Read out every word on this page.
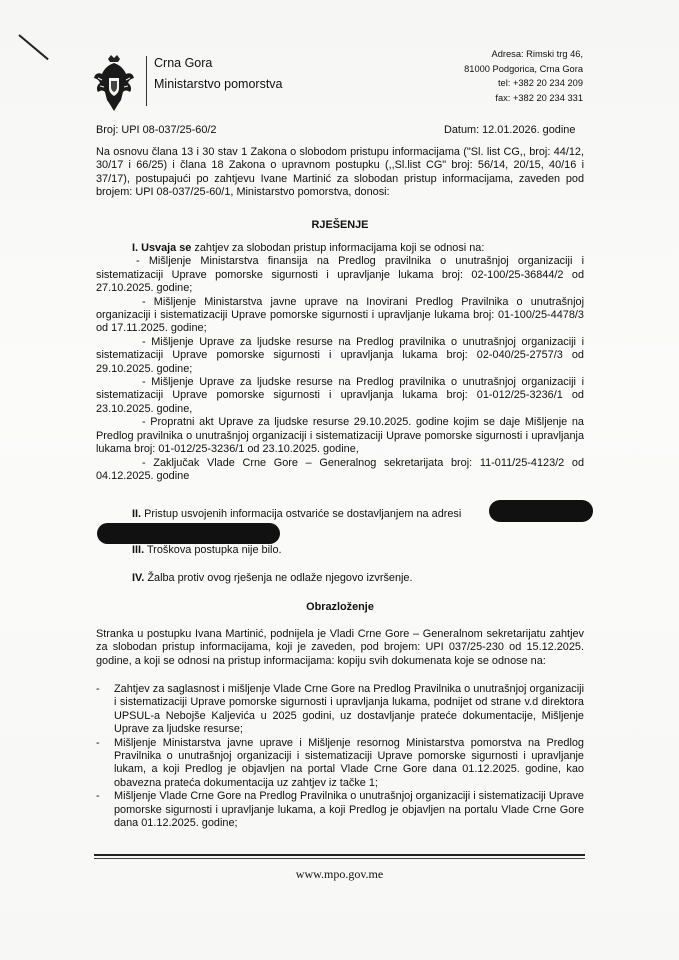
Crna Gora
Ministarstvo pomorstva
Adresa: Rimski trg 46,
81000 Podgorica, Crna Gora
tel: +382 20 234 209
fax: +382 20 234 331
Broj: UPI 08-037/25-60/2	Datum: 12.01.2026. godine

Na osnovu člana 13 i 30 stav 1 Zakona o slobodom pristupu informacijama ("Sl. list CG,, broj: 44/12, 30/17 i 66/25) i člana 18 Zakona o upravnom postupku (,,Sl.list CG" broj: 56/14, 20/15, 40/16 i 37/17), postupajući po zahtjevu Ivane Martinić za slobodan pristup informacijama, zaveden pod brojem: UPI 08-037/25-60/1, Ministarstvo pomorstva, donosi:

RJEŠENJE

I. Usvaja se zahtjev za slobodan pristup informacijama koji se odnosi na:

- Mišljenje Ministarstva finansija na Predlog pravilnika o unutrašnjoj organizaciji i sistematizaciji Uprave pomorske sigurnosti i upravljanje lukama broj: 02-100/25-36844/2 od 27.10.2025. godine;

- Mišljenje Ministarstva javne uprave na Inovirani Predlog Pravilnika o unutrašnjoj organizaciji i sistematizaciji Uprave pomorske sigurnosti i upravljanje lukama broj: 01-100/25-4478/3 od 17.11.2025. godine;

- Mišljenje Uprave za ljudske resurse na Predlog pravilnika o unutrašnjoj organizaciji i sistematizaciji Uprave pomorske sigurnosti i upravljanja lukama broj: 02-040/25-2757/3 od 29.10.2025. godine;

- Mišljenje Uprave za ljudske resurse na Predlog pravilnika o unutrašnjoj organizaciji i sistematizaciji Uprave pomorske sigurnosti i upravljanja lukama broj: 01-012/25-3236/1 od 23.10.2025. godine,

- Propratni akt Uprave za ljudske resurse 29.10.2025. godine kojim se daje Mišljenje na Predlog pravilnika o unutrašnjoj organizaciji i sistematizaciji Uprave pomorske sigurnosti i upravljanja lukama broj: 01-012/25-3236/1 od 23.10.2025. godine,

- Zaključak Vlade Crne Gore – Generalnog sekretarijata broj: 11-011/25-4123/2 od 04.12.2025. godine

II. Pristup usvojenih informacija ostvariće se dostavljanjem na adresi
III. Troškova postupka nije bilo.
IV. Žalba protiv ovog rješenja ne odlaže njegovo izvršenje.
Obrazloženje

Stranka u postupku Ivana Martinić, podnijela je Vladi Crne Gore – Generalnom sekretarijatu zahtjev za slobodan pristup informacijama, koji je zaveden, pod brojem: UPI 037/25-230 od 15.12.2025. godine, a koji se odnosi na pristup informacijama: kopiju svih dokumenata koje se odnose na:

-	Zahtjev za saglasnost i mišljenje Vlade Crne Gore na Predlog Pravilnika o unutrašnjoj organizaciji i sistematizaciji Uprave pomorske sigurnosti i upravljanja lukama, podnijet od strane v.d direktora UPSUL-a Nebojše Kaljevića u 2025 godini, uz dostavljanje prateće dokumentacije, Mišljenje Uprave za ljudske resurse;
-	Mišljenje Ministarstva javne uprave i Mišljenje resornog Ministarstva pomorstva na Predlog Pravilnika o unutrašnjoj organizaciji i sistematizaciji Uprave pomorske sigurnosti i upravljanje lukam, a koji Predlog je objavljen na portal Vlade Crne Gore dana 01.12.2025. godine, kao obavezna prateća dokumentacija uz zahtjev iz tačke 1;
-	Mišljenje Vlade Crne Gore na Predlog Pravilnika o unutrašnjoj organizaciji i sistematizaciji Uprave pomorske sigurnosti i upravljanje lukama, a koji Predlog je objavljen na portalu Vlade Crne Gore dana 01.12.2025. godine;
www.mpo.gov.me
